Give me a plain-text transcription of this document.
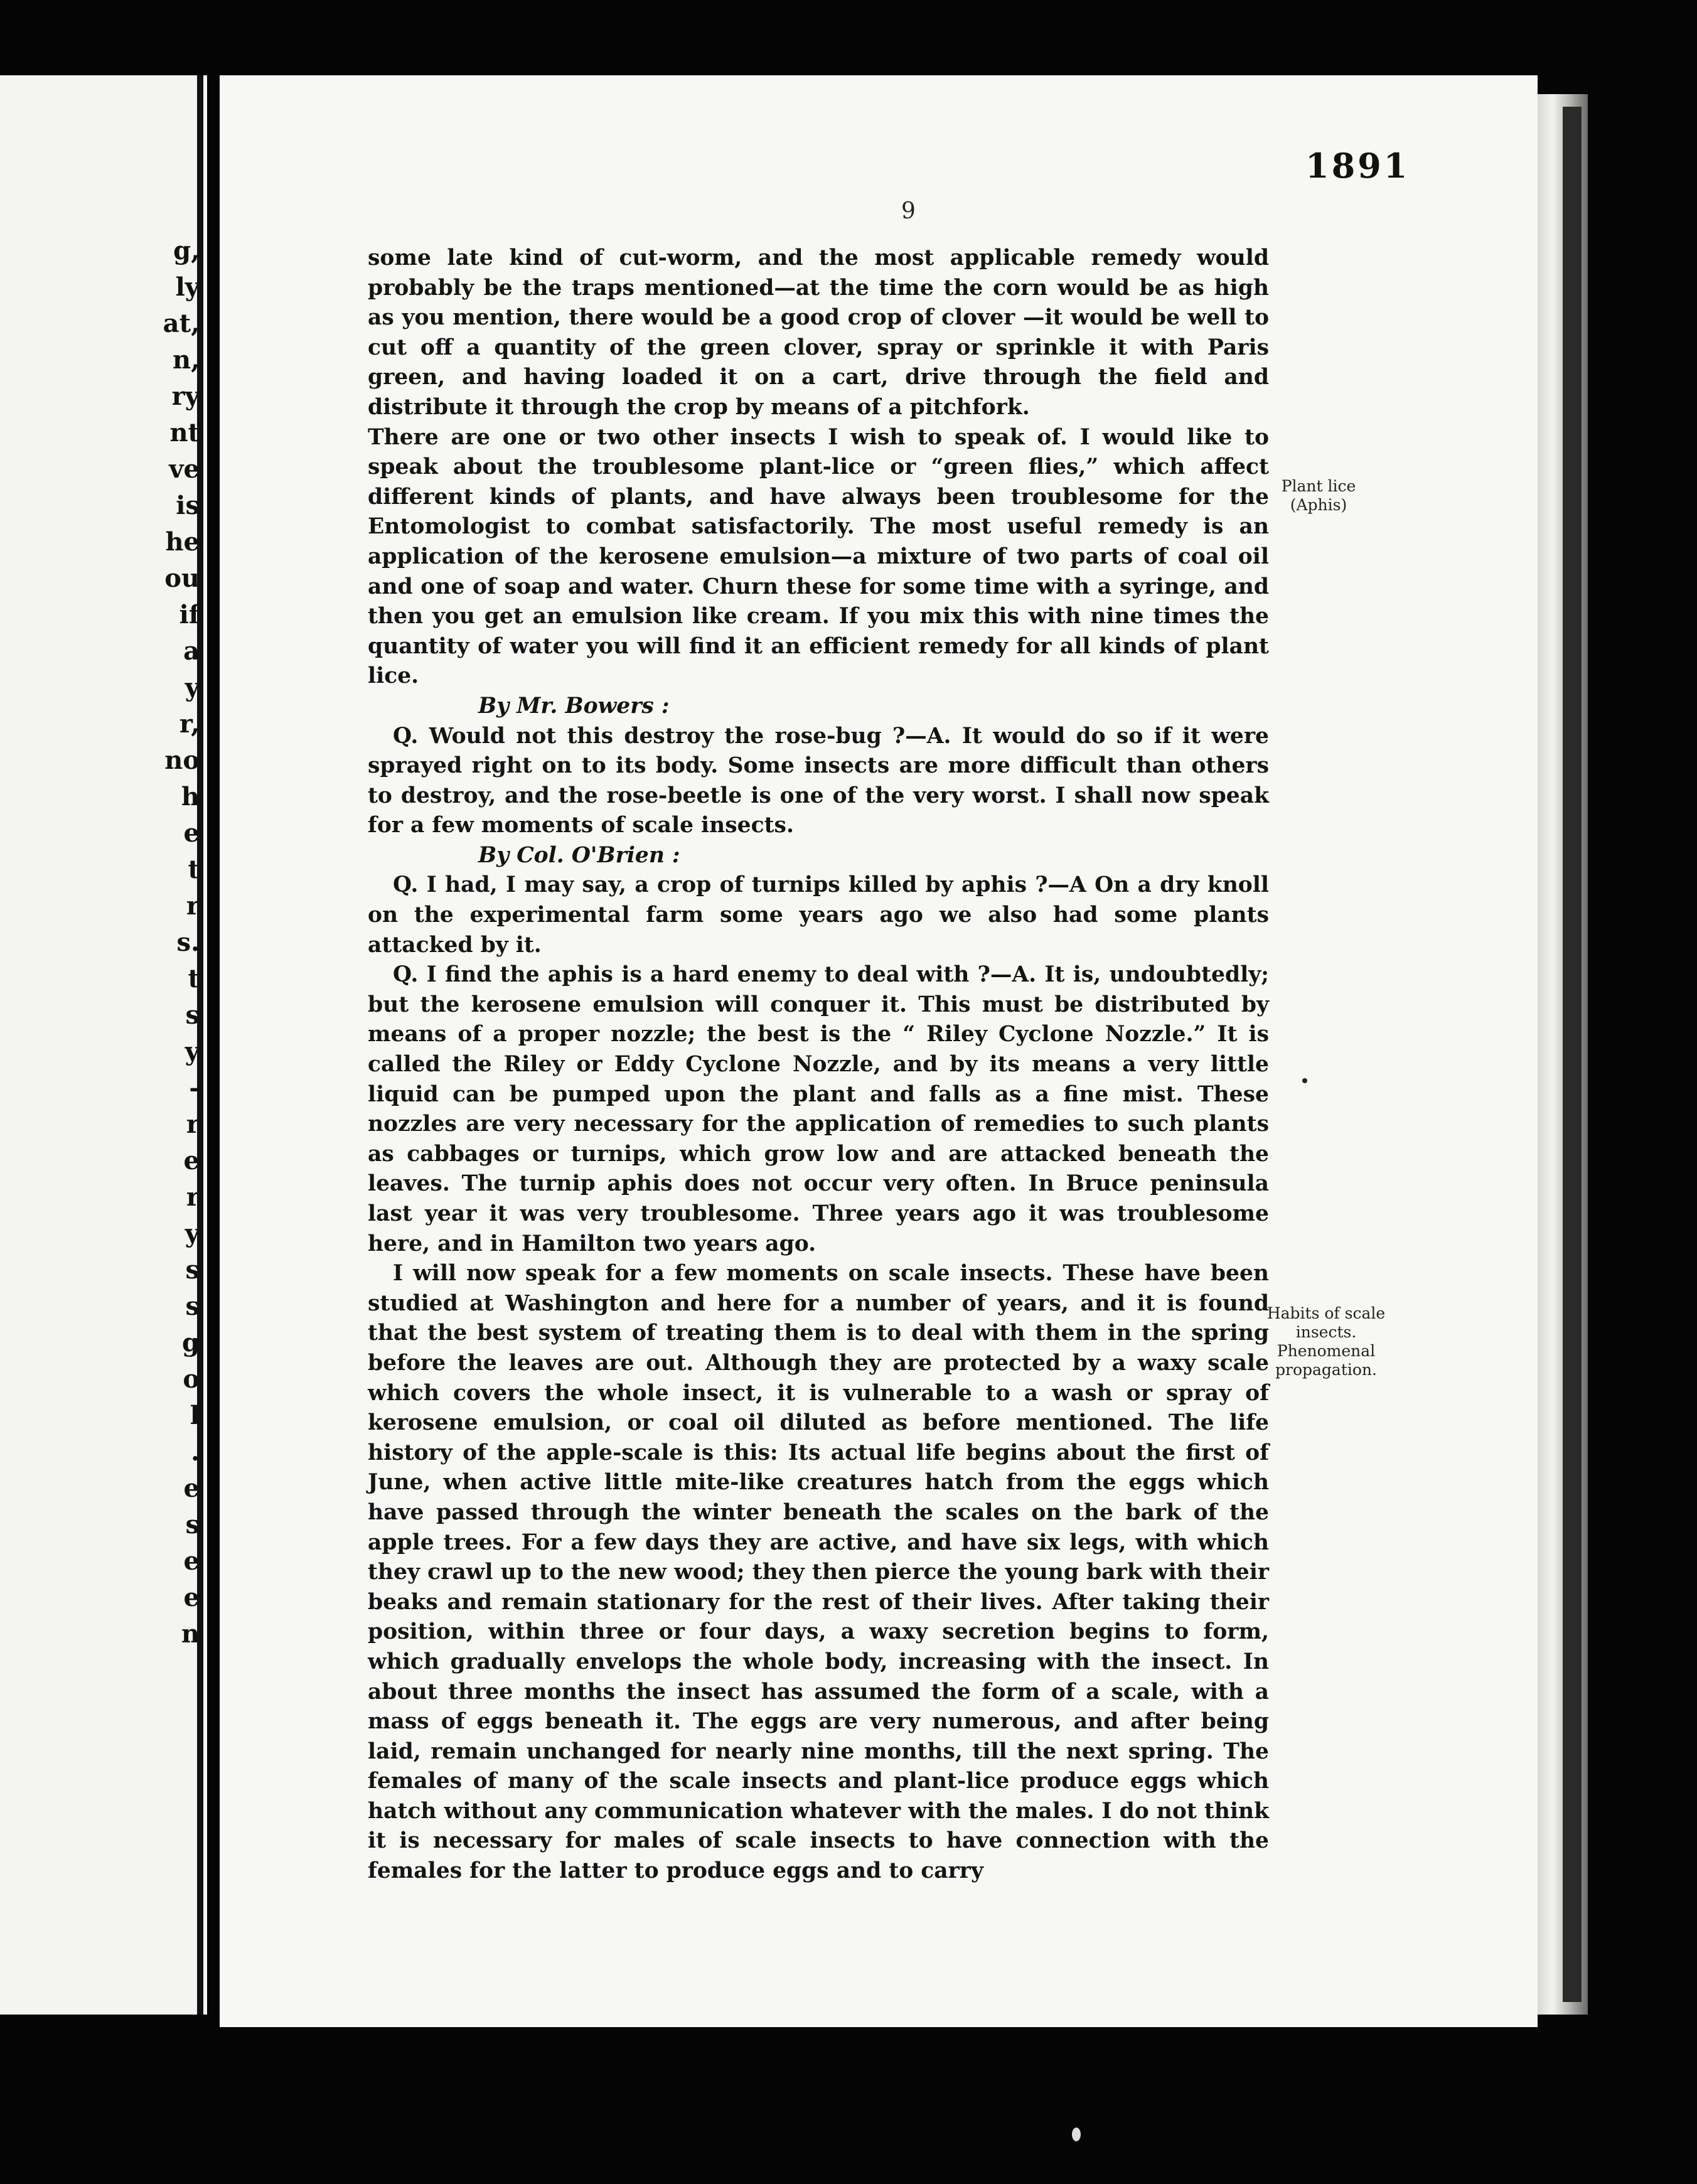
g,
ly
at,
n,
ry
nt
ve
is
he
ou
if
a
y
r,
no
h
e
t
r
s.
t
s
y
-
r
e
r
y
s
s
g
o
l
.
e
s
e
e
n
1891
9

some late kind of cut-worm, and the most applicable remedy would probably be the traps mentioned—at the time the corn would be as high as you mention, there would be a good crop of clover —it would be well to cut off a quantity of the green clover, spray or sprinkle it with Paris green, and having loaded it on a cart, drive through the field and distribute it through the crop by means of a pitchfork.

There are one or two other insects I wish to speak of. I would like to speak about the troublesome plant-lice or “green flies,” which affect different kinds of plants, and have always been troublesome for the Entomologist to combat satisfactorily. The most useful remedy is an application of the kerosene emulsion—a mixture of two parts of coal oil and one of soap and water. Churn these for some time with a syringe, and then you get an emulsion like cream. If you mix this with nine times the quantity of water you will find it an efficient remedy for all kinds of plant lice.

By Mr. Bowers :

Q. Would not this destroy the rose-bug ?—A. It would do so if it were sprayed right on to its body. Some insects are more difficult than others to destroy, and the rose-beetle is one of the very worst. I shall now speak for a few moments of scale insects.

By Col. O'Brien :

Q. I had, I may say, a crop of turnips killed by aphis ?—A On a dry knoll on the experimental farm some years ago we also had some plants attacked by it.

Q. I find the aphis is a hard enemy to deal with ?—A. It is, undoubtedly; but the kerosene emulsion will conquer it. This must be distributed by means of a proper nozzle; the best is the “ Riley Cyclone Nozzle.” It is called the Riley or Eddy Cyclone Nozzle, and by its means a very little liquid can be pumped upon the plant and falls as a fine mist. These nozzles are very necessary for the application of remedies to such plants as cabbages or turnips, which grow low and are attacked beneath the leaves. The turnip aphis does not occur very often. In Bruce peninsula last year it was very troublesome. Three years ago it was troublesome here, and in Hamilton two years ago.

I will now speak for a few moments on scale insects. These have been studied at Washington and here for a number of years, and it is found that the best system of treating them is to deal with them in the spring before the leaves are out. Although they are protected by a waxy scale which covers the whole insect, it is vulnerable to a wash or spray of kerosene emulsion, or coal oil diluted as before mentioned. The life history of the apple-scale is this: Its actual life begins about the first of June, when active little mite-like creatures hatch from the eggs which have passed through the winter beneath the scales on the bark of the apple trees. For a few days they are active, and have six legs, with which they crawl up to the new wood; they then pierce the young bark with their beaks and remain stationary for the rest of their lives. After taking their position, within three or four days, a waxy secretion begins to form, which gradually envelops the whole body, increasing with the insect. In about three months the insect has assumed the form of a scale, with a mass of eggs beneath it. The eggs are very numerous, and after being laid, remain unchanged for nearly nine months, till the next spring. The females of many of the scale insects and plant-lice produce eggs which hatch without any communication whatever with the males. I do not think it is necessary for males of scale insects to have connection with the females for the latter to produce eggs and to carry

Plant lice (Aphis)
Habits of scale insects. Phenomenal propagation.
